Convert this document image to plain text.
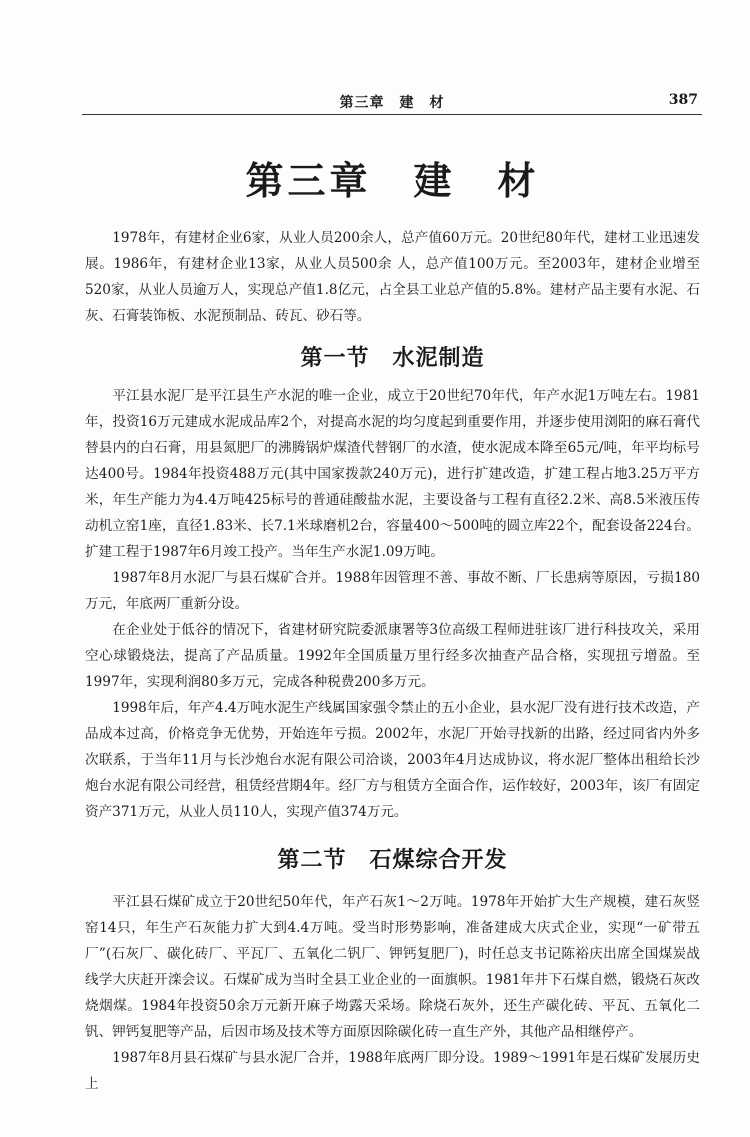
第三章　建　材	387
第三章　建　材

1978年，有建材企业6家，从业人员200余人，总产值60万元。20世纪80年代，建材工业迅速发展。1986年，有建材企业13家，从业人员500余 人，总产值100万元。至2003年，建材企业增至520家，从业人员逾万人，实现总产值1.8亿元，占全县工业总产值的5.8%。建材产品主要有水泥、石灰、石膏装饰板、水泥预制品、砖瓦、砂石等。

第一节　水泥制造

平江县水泥厂是平江县生产水泥的唯一企业，成立于20世纪70年代，年产水泥1万吨左右。1981年，投资16万元建成水泥成品库2个，对提高水泥的均匀度起到重要作用，并逐步使用浏阳的麻石膏代替县内的白石膏，用县氮肥厂的沸腾锅炉煤渣代替钢厂的水渣，使水泥成本降至65元/吨，年平均标号达400号。1984年投资488万元(其中国家拨款240万元)，进行扩建改造，扩建工程占地3.25万平方米，年生产能力为4.4万吨425标号的普通硅酸盐水泥，主要设备与工程有直径2.2米、高8.5米液压传动机立窑1座，直径1.83米、长7.1米球磨机2台，容量400～500吨的圆立库22个，配套设备224台。扩建工程于1987年6月竣工投产。当年生产水泥1.09万吨。

1987年8月水泥厂与县石煤矿合并。1988年因管理不善、事故不断、厂长患病等原因，亏损180万元，年底两厂重新分设。

在企业处于低谷的情况下，省建材研究院委派康署等3位高级工程师进驻该厂进行科技攻关，采用空心球锻烧法，提高了产品质量。1992年全国质量万里行经多次抽查产品合格，实现扭亏增盈。至1997年，实现利润80多万元，完成各种税费200多万元。

1998年后，年产4.4万吨水泥生产线属国家强令禁止的五小企业，县水泥厂没有进行技术改造，产品成本过高，价格竞争无优势，开始连年亏损。2002年，水泥厂开始寻找新的出路，经过同省内外多次联系，于当年11月与长沙炮台水泥有限公司洽谈，2003年4月达成协议，将水泥厂整体出租给长沙炮台水泥有限公司经营，租赁经营期4年。经厂方与租赁方全面合作，运作较好，2003年，该厂有固定资产371万元，从业人员110人，实现产值374万元。

第二节　石煤综合开发

平江县石煤矿成立于20世纪50年代，年产石灰1～2万吨。1978年开始扩大生产规模，建石灰竖窑14只，年生产石灰能力扩大到4.4万吨。受当时形势影响，准备建成大庆式企业，实现“一矿带五厂”(石灰厂、碳化砖厂、平瓦厂、五氧化二钒厂、钾钙复肥厂)，时任总支书记陈裕庆出席全国煤炭战线学大庆赶开滦会议。石煤矿成为当时全县工业企业的一面旗帜。1981年井下石煤自燃，锻烧石灰改烧烟煤。1984年投资50余万元新开麻子坳露天采场。除烧石灰外，还生产碳化砖、平瓦、五氧化二钒、钾钙复肥等产品，后因市场及技术等方面原因除碳化砖一直生产外，其他产品相继停产。

1987年8月县石煤矿与县水泥厂合并，1988年底两厂即分设。1989～1991年是石煤矿发展历史上
